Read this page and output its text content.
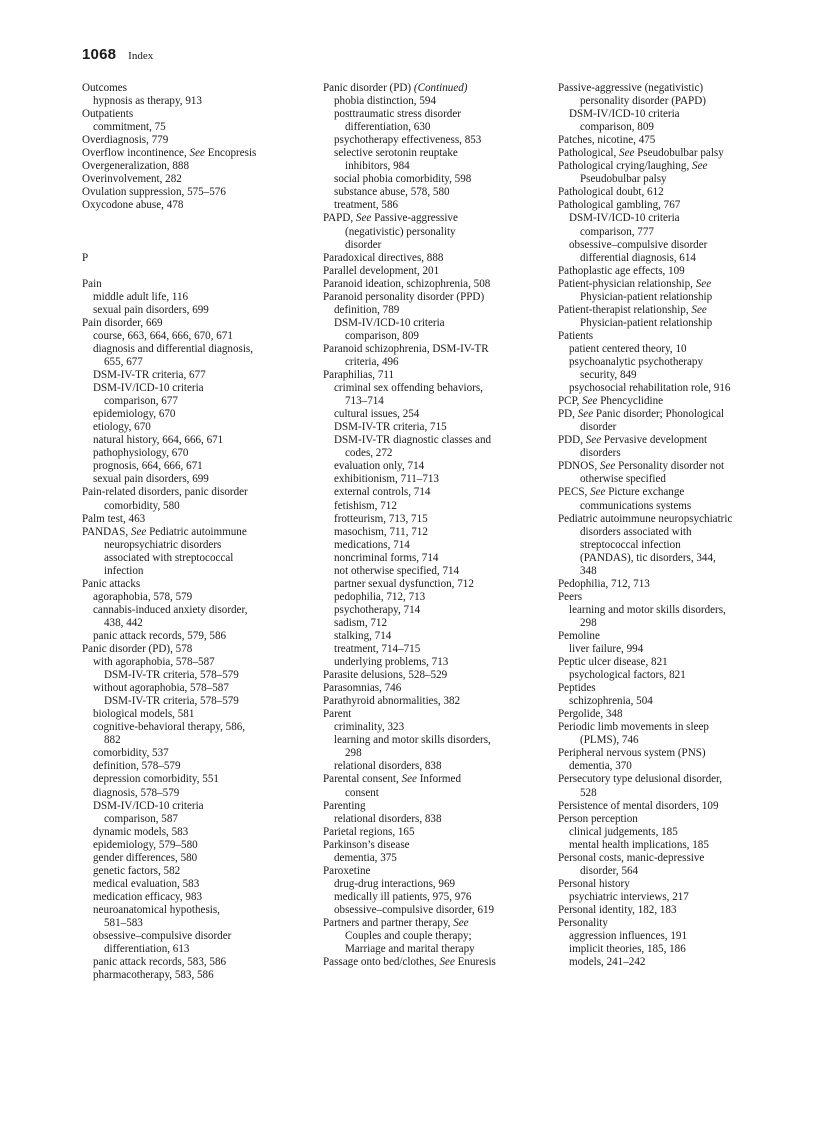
1068 Index
Outcomes
hypnosis as therapy, 913
Outpatients
commitment, 75
Overdiagnosis, 779
Overflow incontinence, See Encopresis
Overgeneralization, 888
Overinvolvement, 282
Ovulation suppression, 575–576
Oxycodone abuse, 478
P
Pain
middle adult life, 116
sexual pain disorders, 699
Pain disorder, 669
course, 663, 664, 666, 670, 671
diagnosis and differential diagnosis,
655, 677
DSM-IV-TR criteria, 677
DSM-IV/ICD-10 criteria
comparison, 677
epidemiology, 670
etiology, 670
natural history, 664, 666, 671
pathophysiology, 670
prognosis, 664, 666, 671
sexual pain disorders, 699
Pain-related disorders, panic disorder
comorbidity, 580
Palm test, 463
PANDAS, See Pediatric autoimmune
neuropsychiatric disorders
associated with streptococcal
infection
Panic attacks
agoraphobia, 578, 579
cannabis-induced anxiety disorder,
438, 442
panic attack records, 579, 586
Panic disorder (PD), 578
with agoraphobia, 578–587
DSM-IV-TR criteria, 578–579
without agoraphobia, 578–587
DSM-IV-TR criteria, 578–579
biological models, 581
cognitive-behavioral therapy, 586,
882
comorbidity, 537
definition, 578–579
depression comorbidity, 551
diagnosis, 578–579
DSM-IV/ICD-10 criteria
comparison, 587
dynamic models, 583
epidemiology, 579–580
gender differences, 580
genetic factors, 582
medical evaluation, 583
medication efficacy, 983
neuroanatomical hypothesis,
581–583
obsessive–compulsive disorder
differentiation, 613
panic attack records, 583, 586
pharmacotherapy, 583, 586
Panic disorder (PD) (Continued)
phobia distinction, 594
posttraumatic stress disorder
differentiation, 630
psychotherapy effectiveness, 853
selective serotonin reuptake
inhibitors, 984
social phobia comorbidity, 598
substance abuse, 578, 580
treatment, 586
PAPD, See Passive-aggressive
(negativistic) personality
disorder
Paradoxical directives, 888
Parallel development, 201
Paranoid ideation, schizophrenia, 508
Paranoid personality disorder (PPD)
definition, 789
DSM-IV/ICD-10 criteria
comparison, 809
Paranoid schizophrenia, DSM-IV-TR
criteria, 496
Paraphilias, 711
criminal sex offending behaviors,
713–714
cultural issues, 254
DSM-IV-TR criteria, 715
DSM-IV-TR diagnostic classes and
codes, 272
evaluation only, 714
exhibitionism, 711–713
external controls, 714
fetishism, 712
frotteurism, 713, 715
masochism, 711, 712
medications, 714
noncriminal forms, 714
not otherwise specified, 714
partner sexual dysfunction, 712
pedophilia, 712, 713
psychotherapy, 714
sadism, 712
stalking, 714
treatment, 714–715
underlying problems, 713
Parasite delusions, 528–529
Parasomnias, 746
Parathyroid abnormalities, 382
Parent
criminality, 323
learning and motor skills disorders,
298
relational disorders, 838
Parental consent, See Informed
consent
Parenting
relational disorders, 838
Parietal regions, 165
Parkinson’s disease
dementia, 375
Paroxetine
drug-drug interactions, 969
medically ill patients, 975, 976
obsessive–compulsive disorder, 619
Partners and partner therapy, See
Couples and couple therapy;
Marriage and marital therapy
Passage onto bed/clothes, See Enuresis
Passive-aggressive (negativistic)
personality disorder (PAPD)
DSM-IV/ICD-10 criteria
comparison, 809
Patches, nicotine, 475
Pathological, See Pseudobulbar palsy
Pathological crying/laughing, See
Pseudobulbar palsy
Pathological doubt, 612
Pathological gambling, 767
DSM-IV/ICD-10 criteria
comparison, 777
obsessive–compulsive disorder
differential diagnosis, 614
Pathoplastic age effects, 109
Patient-physician relationship, See
Physician-patient relationship
Patient-therapist relationship, See
Physician-patient relationship
Patients
patient centered theory, 10
psychoanalytic psychotherapy
security, 849
psychosocial rehabilitation role, 916
PCP, See Phencyclidine
PD, See Panic disorder; Phonological
disorder
PDD, See Pervasive development
disorders
PDNOS, See Personality disorder not
otherwise specified
PECS, See Picture exchange
communications systems
Pediatric autoimmune neuropsychiatric
disorders associated with
streptococcal infection
(PANDAS), tic disorders, 344,
348
Pedophilia, 712, 713
Peers
learning and motor skills disorders,
298
Pemoline
liver failure, 994
Peptic ulcer disease, 821
psychological factors, 821
Peptides
schizophrenia, 504
Pergolide, 348
Periodic limb movements in sleep
(PLMS), 746
Peripheral nervous system (PNS)
dementia, 370
Persecutory type delusional disorder,
528
Persistence of mental disorders, 109
Person perception
clinical judgements, 185
mental health implications, 185
Personal costs, manic-depressive
disorder, 564
Personal history
psychiatric interviews, 217
Personal identity, 182, 183
Personality
aggression influences, 191
implicit theories, 185, 186
models, 241–242
